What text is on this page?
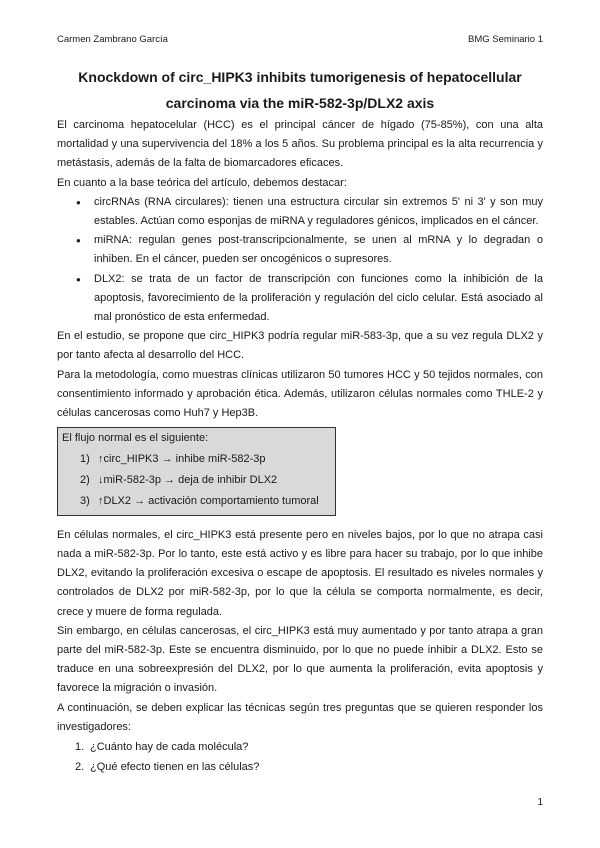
Carmen Zambrano García	BMG Seminario 1
Knockdown of circ_HIPK3 inhibits tumorigenesis of hepatocellular carcinoma via the miR-582-3p/DLX2 axis

El carcinoma hepatocelular (HCC) es el principal cáncer de hígado (75-85%), con una alta mortalidad y una supervivencia del 18% a los 5 años. Su problema principal es la alta recurrencia y metástasis, además de la falta de biomarcadores eficaces.

En cuanto a la base teórica del artículo, debemos destacar:

● circRNAs (RNA circulares): tienen una estructura circular sin extremos 5' ni 3' y son muy estables. Actúan como esponjas de miRNA y reguladores génicos, implicados en el cáncer.
● miRNA: regulan genes post-transcripcionalmente, se unen al mRNA y lo degradan o inhiben. En el cáncer, pueden ser oncogénicos o supresores.
● DLX2: se trata de un factor de transcripción con funciones como la inhibición de la apoptosis, favorecimiento de la proliferación y regulación del ciclo celular. Está asociado al mal pronóstico de esta enfermedad.

En el estudio, se propone que circ_HIPK3 podría regular miR-583-3p, que a su vez regula DLX2 y por tanto afecta al desarrollo del HCC.

Para la metodología, como muestras clínicas utilizaron 50 tumores HCC y 50 tejidos normales, con consentimiento informado y aprobación ética. Además, utilizaron células normales como THLE-2 y células cancerosas como Huh7 y Hep3B.

El flujo normal es el siguiente:
1) ↑circ_HIPK3 → inhibe miR-582-3p
2) ↓miR-582-3p → deja de inhibir DLX2
3) ↑DLX2 → activación comportamiento tumoral

En células normales, el circ_HIPK3 está presente pero en niveles bajos, por lo que no atrapa casi nada a miR-582-3p. Por lo tanto, este está activo y es libre para hacer su trabajo, por lo que inhibe DLX2, evitando la proliferación excesiva o escape de apoptosis. El resultado es niveles normales y controlados de DLX2 por miR-582-3p, por lo que la célula se comporta normalmente, es decir, crece y muere de forma regulada.

Sin embargo, en células cancerosas, el circ_HIPK3 está muy aumentado y por tanto atrapa a gran parte del miR-582-3p. Este se encuentra disminuido, por lo que no puede inhibir a DLX2. Esto se traduce en una sobreexpresión del DLX2, por lo que aumenta la proliferación, evita apoptosis y favorece la migración o invasión.

A continuación, se deben explicar las técnicas según tres preguntas que se quieren responder los investigadores:

1. ¿Cuánto hay de cada molécula?
2. ¿Qué efecto tienen en las células?
1
